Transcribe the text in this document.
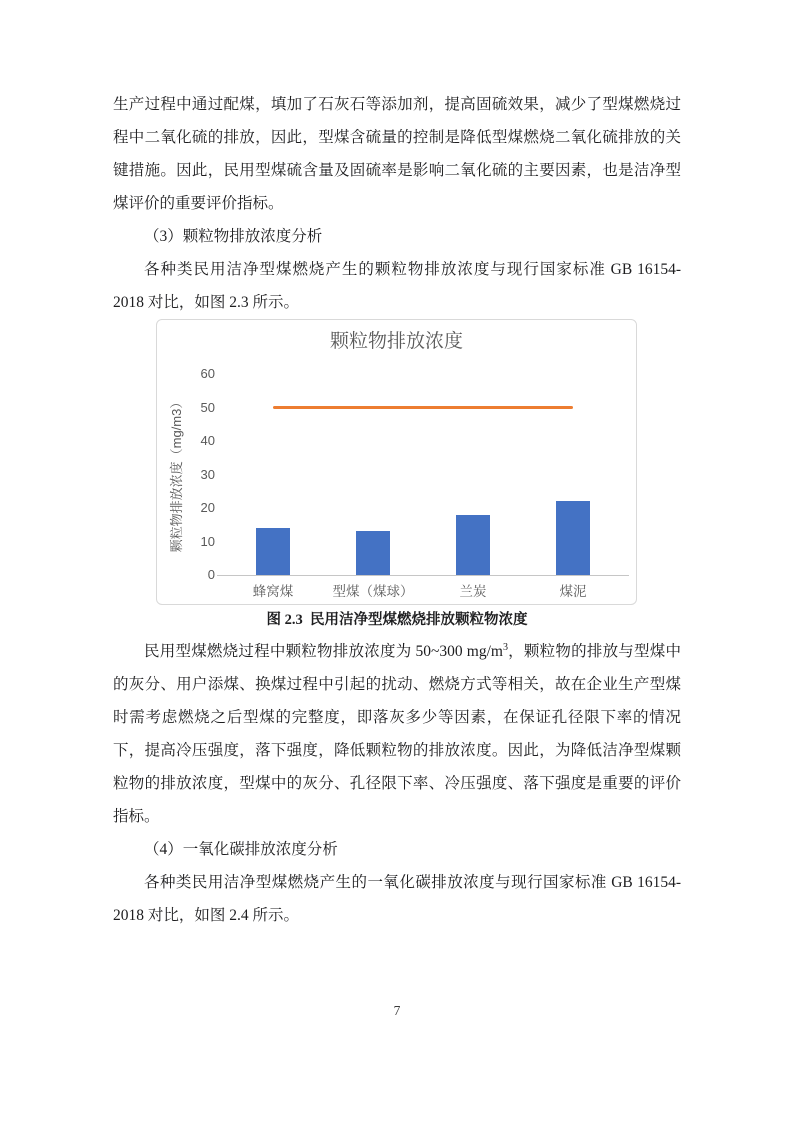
生产过程中通过配煤，填加了石灰石等添加剂，提高固硫效果，减少了型煤燃烧过程中二氧化硫的排放，因此，型煤含硫量的控制是降低型煤燃烧二氧化硫排放的关键措施。因此，民用型煤硫含量及固硫率是影响二氧化硫的主要因素，也是洁净型煤评价的重要评价指标。

（3）颗粒物排放浓度分析

各种类民用洁净型煤燃烧产生的颗粒物排放浓度与现行国家标准 GB 16154-2018 对比，如图 2.3 所示。

颗粒物排放浓度
颗粒物排放浓度（mg/m3）
0
10
20
30
40
50
60
蜂窝煤	型煤（煤球）	兰炭	煤泥

图 2.3  民用洁净型煤燃烧排放颗粒物浓度

民用型煤燃烧过程中颗粒物排放浓度为 50~300 $mg/m^3$，颗粒物的排放与型煤中的灰分、用户添煤、换煤过程中引起的扰动、燃烧方式等相关，故在企业生产型煤时需考虑燃烧之后型煤的完整度，即落灰多少等因素，在保证孔径限下率的情况下，提高冷压强度，落下强度，降低颗粒物的排放浓度。因此，为降低洁净型煤颗粒物的排放浓度，型煤中的灰分、孔径限下率、冷压强度、落下强度是重要的评价指标。

（4）一氧化碳排放浓度分析

各种类民用洁净型煤燃烧产生的一氧化碳排放浓度与现行国家标准 GB 16154-2018 对比，如图 2.4 所示。

7
